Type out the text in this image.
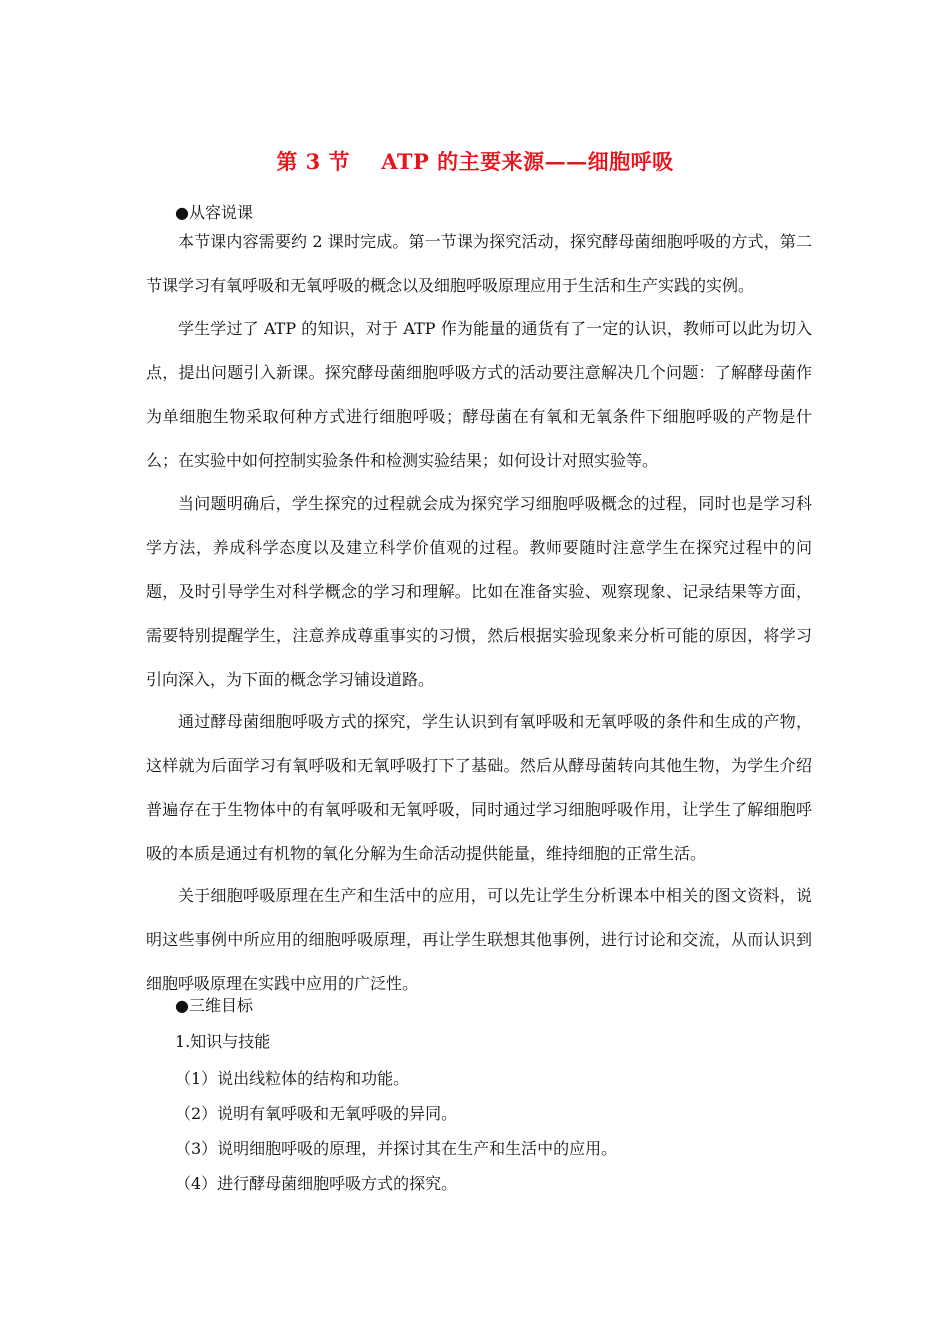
第 3 节    ATP 的主要来源——细胞呼吸
●从容说课

本节课内容需要约 2 课时完成。第一节课为探究活动，探究酵母菌细胞呼吸的方式，第二节课学习有氧呼吸和无氧呼吸的概念以及细胞呼吸原理应用于生活和生产实践的实例。

学生学过了 ATP 的知识，对于 ATP 作为能量的通货有了一定的认识，教师可以此为切入点，提出问题引入新课。探究酵母菌细胞呼吸方式的活动要注意解决几个问题：了解酵母菌作为单细胞生物采取何种方式进行细胞呼吸；酵母菌在有氧和无氧条件下细胞呼吸的产物是什么；在实验中如何控制实验条件和检测实验结果；如何设计对照实验等。

当问题明确后，学生探究的过程就会成为探究学习细胞呼吸概念的过程，同时也是学习科学方法，养成科学态度以及建立科学价值观的过程。教师要随时注意学生在探究过程中的问题，及时引导学生对科学概念的学习和理解。比如在准备实验、观察现象、记录结果等方面，需要特别提醒学生，注意养成尊重事实的习惯，然后根据实验现象来分析可能的原因，将学习引向深入，为下面的概念学习铺设道路。

通过酵母菌细胞呼吸方式的探究，学生认识到有氧呼吸和无氧呼吸的条件和生成的产物，这样就为后面学习有氧呼吸和无氧呼吸打下了基础。然后从酵母菌转向其他生物，为学生介绍普遍存在于生物体中的有氧呼吸和无氧呼吸，同时通过学习细胞呼吸作用，让学生了解细胞呼吸的本质是通过有机物的氧化分解为生命活动提供能量，维持细胞的正常生活。

关于细胞呼吸原理在生产和生活中的应用，可以先让学生分析课本中相关的图文资料，说明这些事例中所应用的细胞呼吸原理，再让学生联想其他事例，进行讨论和交流，从而认识到细胞呼吸原理在实践中应用的广泛性。

●三维目标
1.知识与技能
（1）说出线粒体的结构和功能。
（2）说明有氧呼吸和无氧呼吸的异同。
（3）说明细胞呼吸的原理，并探讨其在生产和生活中的应用。
（4）进行酵母菌细胞呼吸方式的探究。
